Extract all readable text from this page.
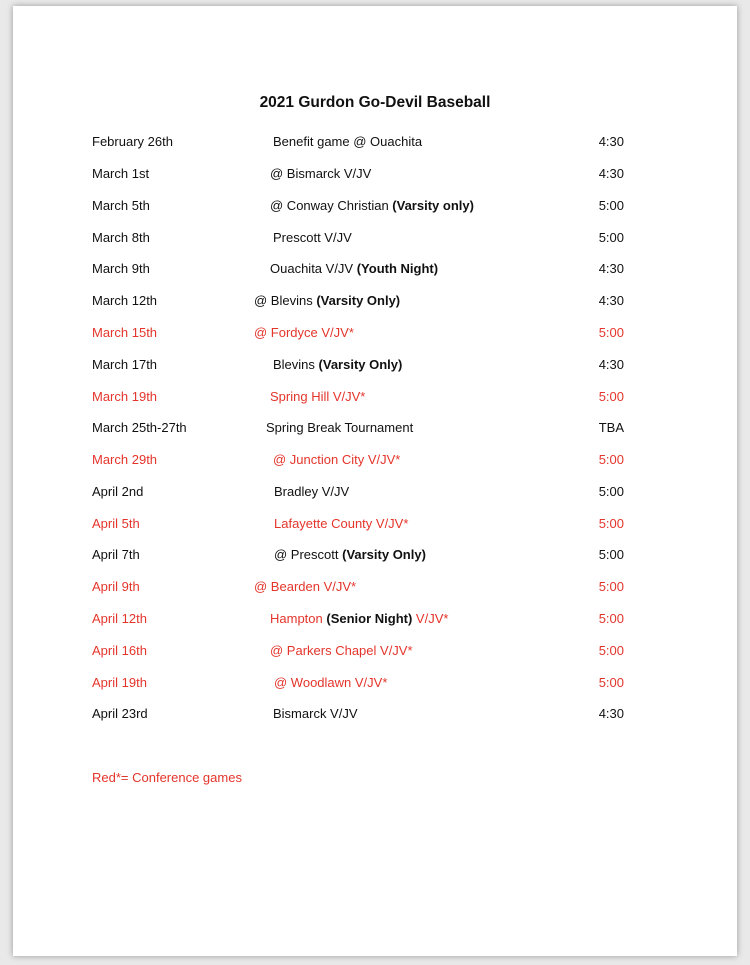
2021 Gurdon Go-Devil Baseball
February 26th	Benefit game @ Ouachita	4:30
March 1st	@ Bismarck V/JV	4:30
March 5th	@ Conway Christian (Varsity only)	5:00
March 8th	Prescott V/JV	5:00
March 9th	Ouachita V/JV (Youth Night)	4:30
March 12th	@ Blevins (Varsity Only)	4:30
March 15th	@ Fordyce V/JV*	5:00
March 17th	Blevins (Varsity Only)	4:30
March 19th	Spring Hill V/JV*	5:00
March 25th-27th	Spring Break Tournament	TBA
March 29th	@ Junction City V/JV*	5:00
April 2nd	Bradley V/JV	5:00
April 5th	Lafayette County V/JV*	5:00
April 7th	@ Prescott (Varsity Only)	5:00
April 9th	@ Bearden V/JV*	5:00
April 12th	Hampton (Senior Night) V/JV*	5:00
April 16th	@ Parkers Chapel V/JV*	5:00
April 19th	@ Woodlawn V/JV*	5:00
April 23rd	Bismarck V/JV	4:30
Red*= Conference games
